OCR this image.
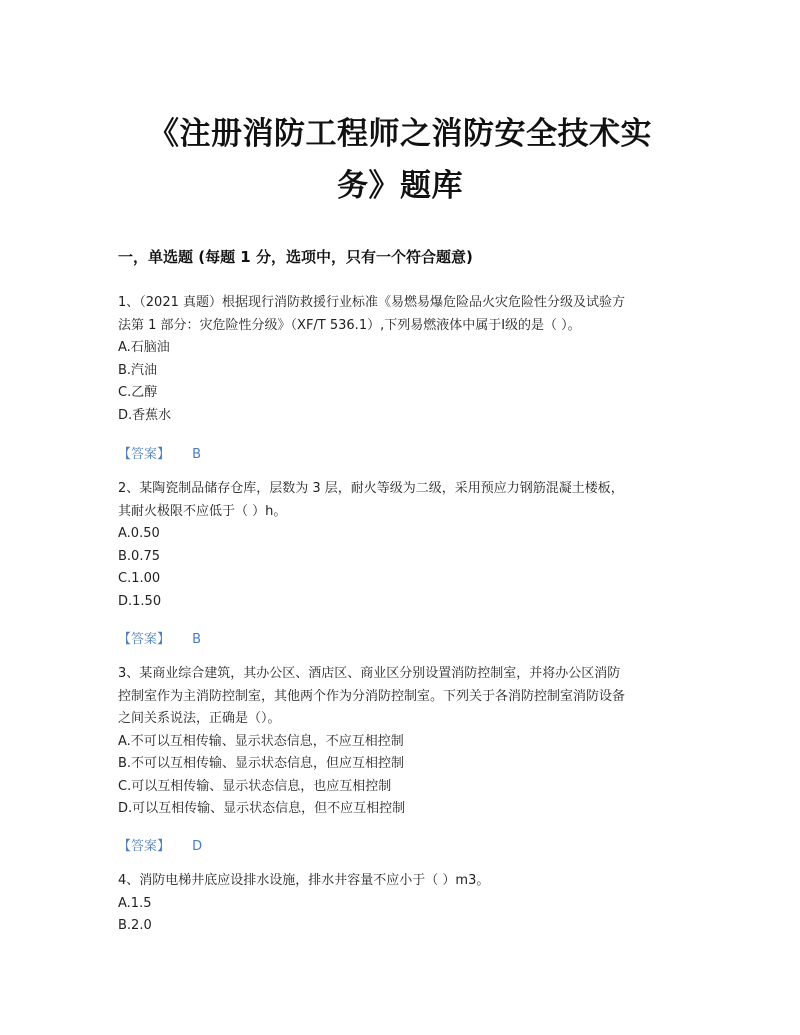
《注册消防工程师之消防安全技术实
务》题库
一，单选题 (每题 1 分，选项中，只有一个符合题意)

1、（2021 真题）根据现行消防救援行业标准《易燃易爆危险品火灾危险性分级及试验方

法第 1 部分：灾危险性分级》（XF/T 536.1）,下列易燃液体中属于Ⅰ级的是（ ）。

A.石脑油

B.汽油

C.乙醇

D.香蕉水

【答案】 B

2、某陶瓷制品储存仓库，层数为 3 层，耐火等级为二级，采用预应力钢筋混凝土楼板，

其耐火极限不应低于（ ）h。

A.0.50

B.0.75

C.1.00

D.1.50

【答案】 B

3、某商业综合建筑，其办公区、酒店区、商业区分别设置消防控制室，并将办公区消防

控制室作为主消防控制室，其他两个作为分消防控制室。下列关于各消防控制室消防设备

之间关系说法，正确是（）。

A.不可以互相传输、显示状态信息，不应互相控制

B.不可以互相传输、显示状态信息，但应互相控制

C.可以互相传输、显示状态信息，也应互相控制

D.可以互相传输、显示状态信息，但不应互相控制

【答案】 D

4、消防电梯井底应设排水设施，排水井容量不应小于（ ）m3。

A.1.5

B.2.0
